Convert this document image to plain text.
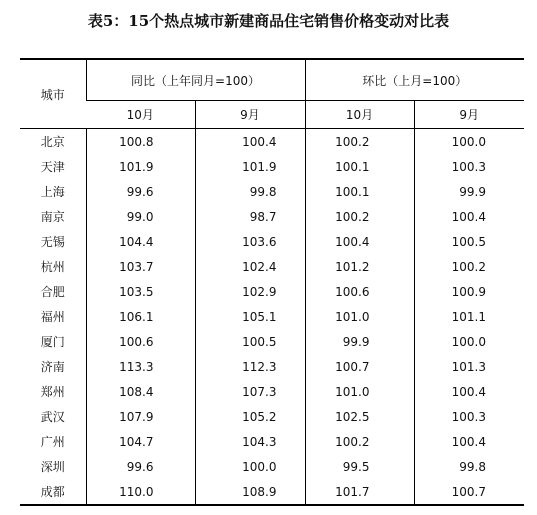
表5：15个热点城市新建商品住宅销售价格变动对比表
城市	同比（上年同月=100）		环比（上月=100）	
	10月	9月	10月	9月
北京	100.8	100.4	100.2	100.0
天津	101.9	101.9	100.1	100.3
上海	99.6	99.8	100.1	99.9
南京	99.0	98.7	100.2	100.4
无锡	104.4	103.6	100.4	100.5
杭州	103.7	102.4	101.2	100.2
合肥	103.5	102.9	100.6	100.9
福州	106.1	105.1	101.0	101.1
厦门	100.6	100.5	99.9	100.0
济南	113.3	112.3	100.7	101.3
郑州	108.4	107.3	101.0	100.4
武汉	107.9	105.2	102.5	100.3
广州	104.7	104.3	100.2	100.4
深圳	99.6	100.0	99.5	99.8
成都	110.0	108.9	101.7	100.7
